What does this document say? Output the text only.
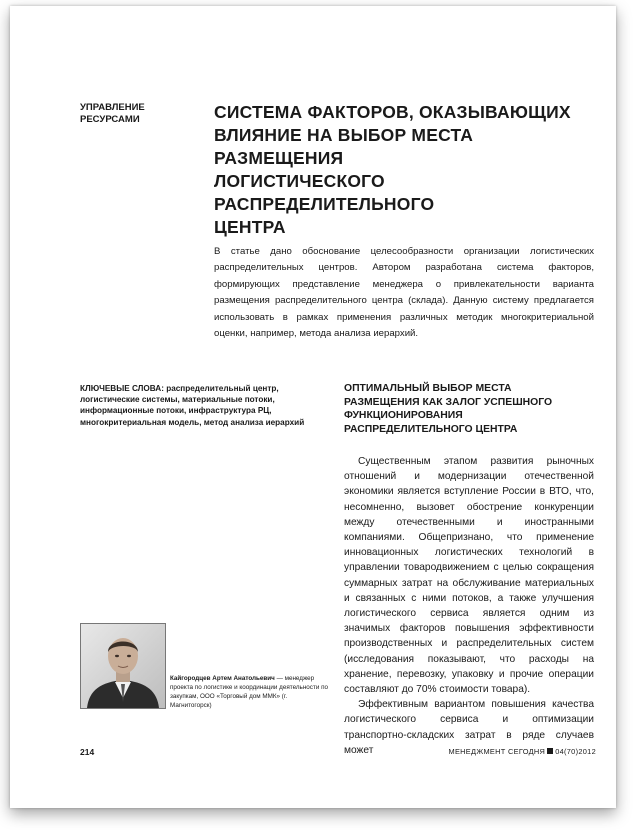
УПРАВЛЕНИЕ
РЕСУРСАМИ	СИСТЕМА ФАКТОРОВ, ОКАЗЫВАЮЩИХ
ВЛИЯНИЕ НА ВЫБОР МЕСТА РАЗМЕЩЕНИЯ
ЛОГИСТИЧЕСКОГО РАСПРЕДЕЛИТЕЛЬНОГО
ЦЕНТРА
В статье дано обоснование целесообразности организации логистических распределительных центров. Автором разработана система факторов, формирующих представление менеджера о привлекательности варианта размещения распределительного центра (склада). Данную систему предлагается использовать в рамках применения различных методик многокритериальной оценки, например, метода анализа иерархий.
КЛЮЧЕВЫЕ СЛОВА: распределительный центр, логистические системы, материальные потоки, информационные потоки, инфраструктура РЦ, многокритериальная модель, метод анализа иерархий
ОПТИМАЛЬНЫЙ ВЫБОР МЕСТА
РАЗМЕЩЕНИЯ КАК ЗАЛОГ УСПЕШНОГО
ФУНКЦИОНИРОВАНИЯ
РАСПРЕДЕЛИТЕЛЬНОГО ЦЕНТРА

Существенным этапом развития рыночных отношений и модернизации отечественной экономики является вступление России в ВТО, что, несомненно, вызовет обострение конкуренции между отечественными и иностранными компаниями. Общепризнано, что применение инновационных логистических технологий в управлении товародвижением с целью сокращения суммарных затрат на обслуживание материальных и связанных с ними потоков, а также улучшения логистического сервиса является одним из значимых факторов повышения эффективности производственных и распределительных систем (исследования показывают, что расходы на хранение, перевозку, упаковку и прочие операции составляют до 70% стоимости товара).

Эффективным вариантом повышения качества логистического сервиса и оптимизации транспортно-складских затрат в ряде случаев может

Кайгородцев Артем Анатольевич — менеджер проекта по логистике и координации деятельности по закупкам, ООО «Торговый дом ММК» (г. Магнитогорск)
214	МЕНЕДЖМЕНТ СЕГОДНЯ 04(70)2012
